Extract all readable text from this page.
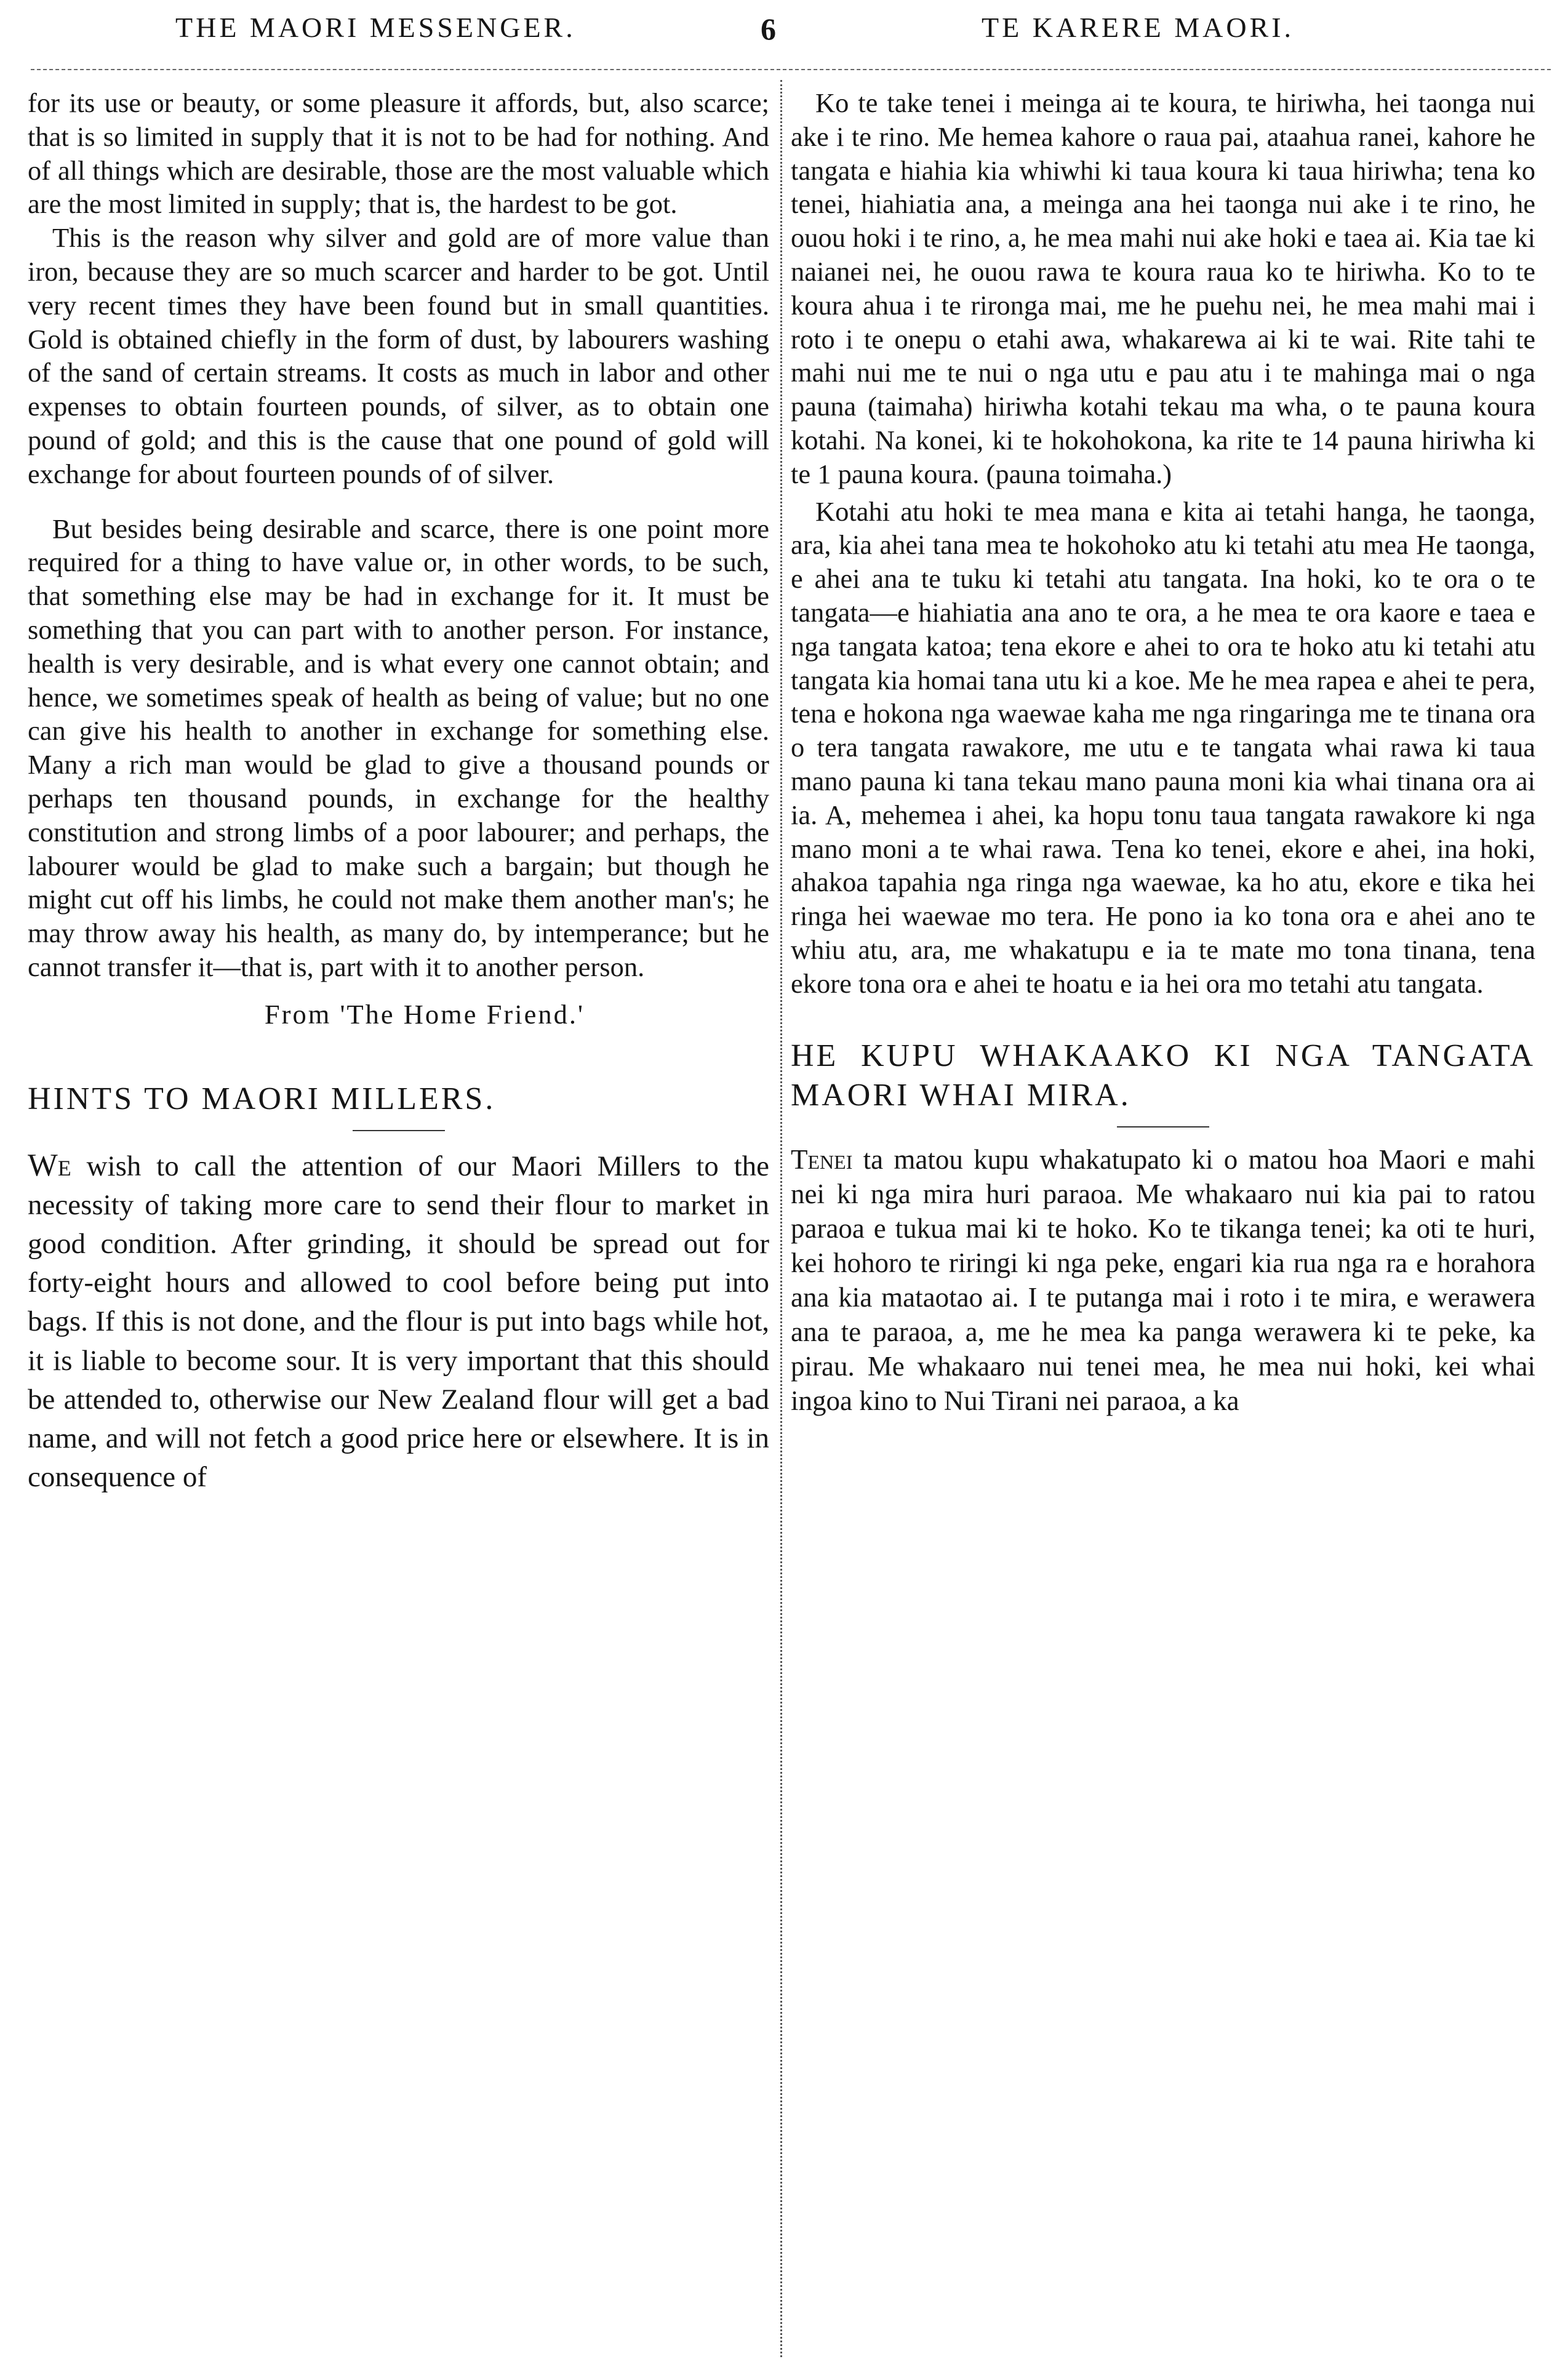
THE MAORI MESSENGER.	6	TE KARERE MAORI.

for its use or beauty, or some pleasure it affords, but, also scarce; that is so limited in supply that it is not to be had for nothing. And of all things which are desirable, those are the most valuable which are the most limited in supply; that is, the hardest to be got.

This is the reason why silver and gold are of more value than iron, because they are so much scarcer and harder to be got. Until very recent times they have been found but in small quantities. Gold is obtained chiefly in the form of dust, by labourers washing of the sand of certain streams. It costs as much in labor and other expenses to obtain fourteen pounds, of silver, as to obtain one pound of gold; and this is the cause that one pound of gold will exchange for about fourteen pounds of of silver.

But besides being desirable and scarce, there is one point more required for a thing to have value or, in other words, to be such, that something else may be had in exchange for it. It must be something that you can part with to another person. For instance, health is very desirable, and is what every one cannot obtain; and hence, we sometimes speak of health as being of value; but no one can give his health to another in exchange for something else. Many a rich man would be glad to give a thousand pounds or perhaps ten thousand pounds, in exchange for the healthy constitution and strong limbs of a poor labourer; and perhaps, the labourer would be glad to make such a bargain; but though he might cut off his limbs, he could not make them another man's; he may throw away his health, as many do, by intemperance; but he cannot transfer it—that is, part with it to another person.

From 'The Home Friend.'

HINTS TO MAORI MILLERS.

We wish to call the attention of our Maori Millers to the necessity of taking more care to send their flour to market in good condition. After grinding, it should be spread out for forty-eight hours and allowed to cool before being put into bags. If this is not done, and the flour is put into bags while hot, it is liable to become sour. It is very important that this should be attended to, otherwise our New Zealand flour will get a bad name, and will not fetch a good price here or elsewhere. It is in consequence of

Ko te take tenei i meinga ai te koura, te hiriwha, hei taonga nui ake i te rino. Me hemea kahore o raua pai, ataahua ranei, kahore he tangata e hiahia kia whiwhi ki taua koura ki taua hiriwha; tena ko tenei, hiahiatia ana, a meinga ana hei taonga nui ake i te rino, he ouou hoki i te rino, a, he mea mahi nui ake hoki e taea ai. Kia tae ki naianei nei, he ouou rawa te koura raua ko te hiriwha. Ko to te koura ahua i te rironga mai, me he puehu nei, he mea mahi mai i roto i te onepu o etahi awa, whakarewa ai ki te wai. Rite tahi te mahi nui me te nui o nga utu e pau atu i te mahinga mai o nga pauna (taimaha) hiriwha kotahi tekau ma wha, o te pauna koura kotahi. Na konei, ki te hokohokona, ka rite te 14 pauna hiriwha ki te 1 pauna koura. (pauna toimaha.)

Kotahi atu hoki te mea mana e kita ai tetahi hanga, he taonga, ara, kia ahei tana mea te hokohoko atu ki tetahi atu mea He taonga, e ahei ana te tuku ki tetahi atu tangata. Ina hoki, ko te ora o te tangata—e hiahiatia ana ano te ora, a he mea te ora kaore e taea e nga tangata katoa; tena ekore e ahei to ora te hoko atu ki tetahi atu tangata kia homai tana utu ki a koe. Me he mea rapea e ahei te pera, tena e hokona nga waewae kaha me nga ringaringa me te tinana ora o tera tangata rawakore, me utu e te tangata whai rawa ki taua mano pauna ki tana tekau mano pauna moni kia whai tinana ora ai ia. A, mehemea i ahei, ka hopu tonu taua tangata rawakore ki nga mano moni a te whai rawa. Tena ko tenei, ekore e ahei, ina hoki, ahakoa tapahia nga ringa nga waewae, ka ho atu, ekore e tika hei ringa hei waewae mo tera. He pono ia ko tona ora e ahei ano te whiu atu, ara, me whakatupu e ia te mate mo tona tinana, tena ekore tona ora e ahei te hoatu e ia hei ora mo tetahi atu tangata.

HE KUPU WHAKAAKO KI NGA TANGATA MAORI WHAI MIRA.

Tenei ta matou kupu whakatupato ki o matou hoa Maori e mahi nei ki nga mira huri paraoa. Me whakaaro nui kia pai to ratou paraoa e tukua mai ki te hoko. Ko te tikanga tenei; ka oti te huri, kei hohoro te riringi ki nga peke, engari kia rua nga ra e horahora ana kia mataotao ai. I te putanga mai i roto i te mira, e werawera ana te paraoa, a, me he mea ka panga werawera ki te peke, ka pirau. Me whakaaro nui tenei mea, he mea nui hoki, kei whai ingoa kino to Nui Tirani nei paraoa, a ka
